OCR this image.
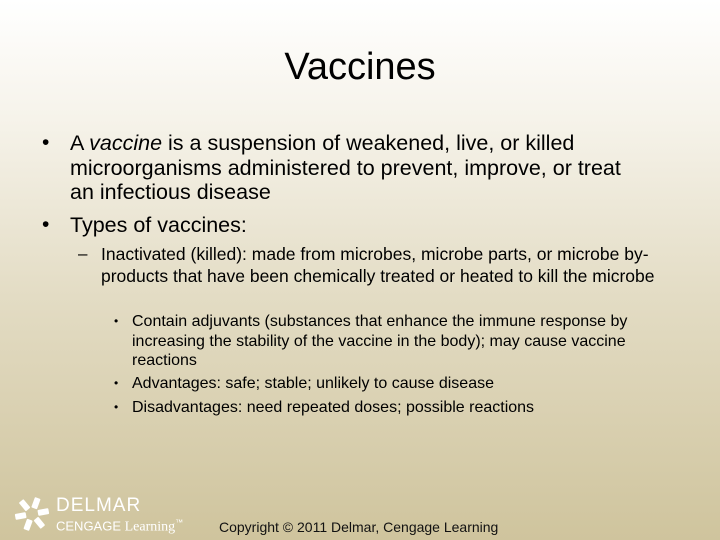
Vaccines
• A vaccine is a suspension of weakened, live, or killed microorganisms administered to prevent, improve, or treat an infectious disease
• Types of vaccines:
– Inactivated (killed): made from microbes, microbe parts, or microbe by-products that have been chemically treated or heated to kill the microbe
• Contain adjuvants (substances that enhance the immune response by increasing the stability of the vaccine in the body); may cause vaccine reactions
• Advantages: safe; stable; unlikely to cause disease
• Disadvantages: need repeated doses; possible reactions
DELMAR
CENGAGE Learning™	Copyright © 2011 Delmar, Cengage Learning
